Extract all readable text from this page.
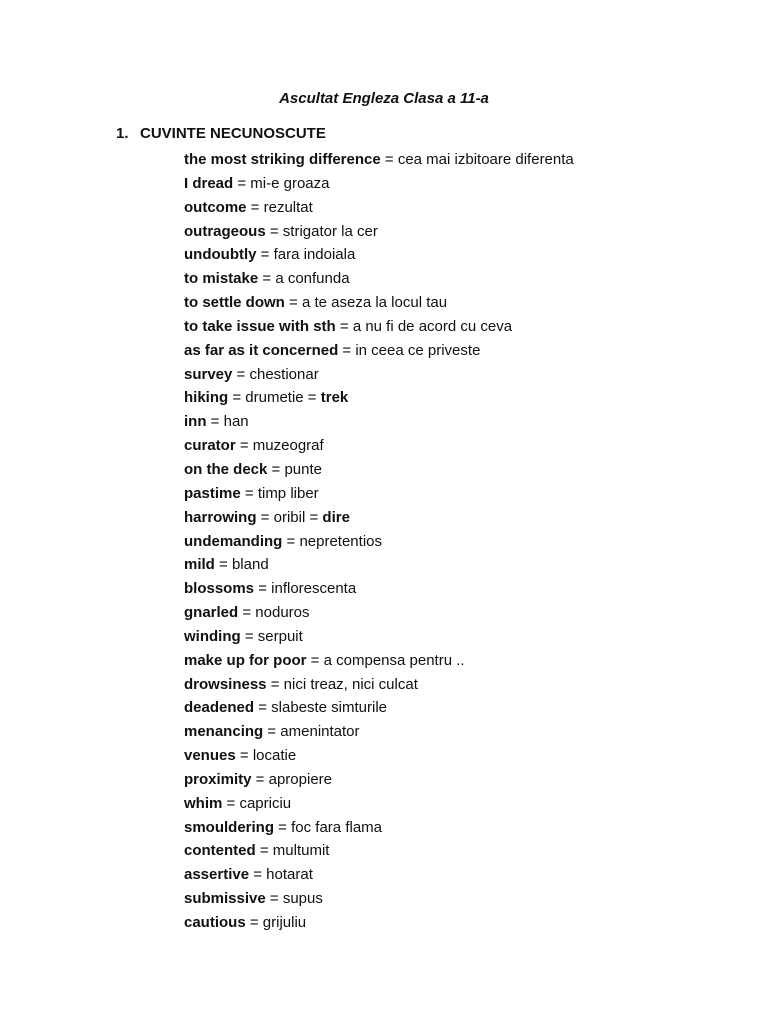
Ascultat Engleza Clasa a 11-a
1. CUVINTE NECUNOSCUTE
the most striking difference = cea mai izbitoare diferenta
I dread = mi-e groaza
outcome = rezultat
outrageous = strigator la cer
undoubtly = fara indoiala
to mistake = a confunda
to settle down = a te aseza la locul tau
to take issue with sth = a nu fi de acord cu ceva
as far as it concerned = in ceea ce priveste
survey = chestionar
hiking = drumetie = trek
inn = han
curator = muzeograf
on the deck = punte
pastime = timp liber
harrowing = oribil = dire
undemanding = nepretentios
mild = bland
blossoms = inflorescenta
gnarled = noduros
winding = serpuit
make up for poor = a compensa pentru ..
drowsiness = nici treaz, nici culcat
deadened = slabeste simturile
menancing = amenintator
venues = locatie
proximity = apropiere
whim = capriciu
smouldering = foc fara flama
contented = multumit
assertive = hotarat
submissive = supus
cautious = grijuliu
